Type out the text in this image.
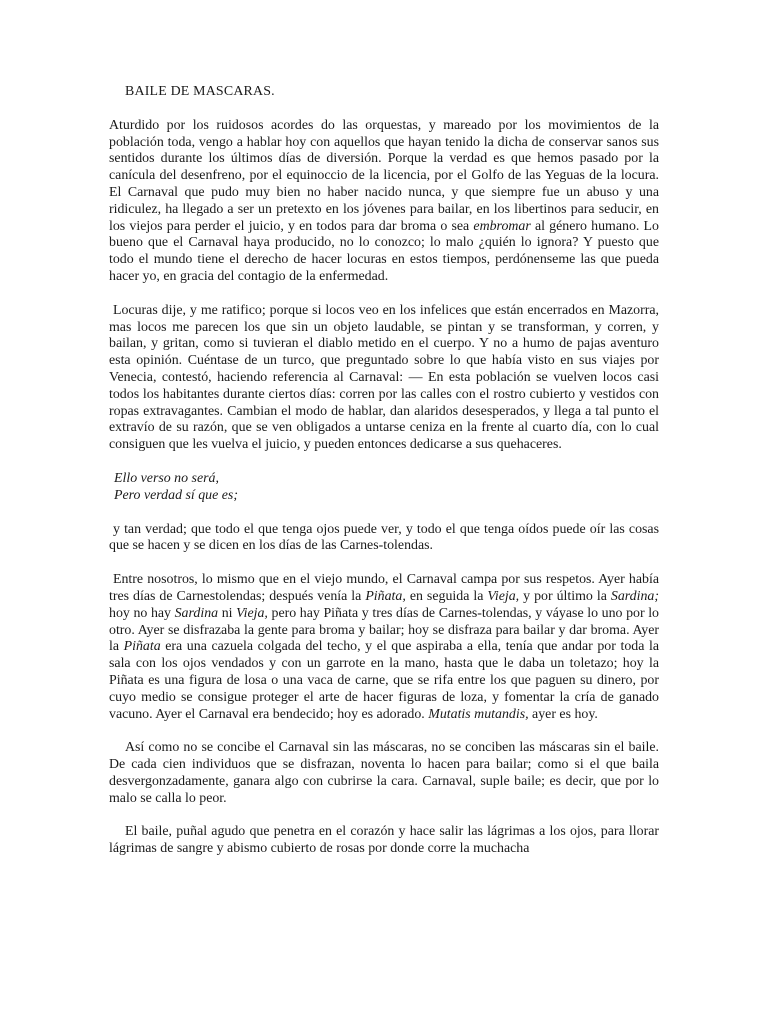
BAILE DE MASCARAS.

Aturdido por los ruidosos acordes do las orquestas, y mareado por los movimientos de la población toda, vengo a hablar hoy con aquellos que hayan tenido la dicha de conservar sanos sus sentidos durante los últimos días de diversión. Porque la verdad es que hemos pasado por la canícula del desenfreno, por el equinoccio de la licencia, por el Golfo de las Yeguas de la locura. El Carnaval que pudo muy bien no haber nacido nunca, y que siempre fue un abuso y una ridiculez, ha llegado a ser un pretexto en los jóvenes para bailar, en los libertinos para seducir, en los viejos para perder el juicio, y en todos para dar broma o sea embromar al género humano. Lo bueno que el Carnaval haya producido, no lo conozco; lo malo ¿quién lo ignora? Y puesto que todo el mundo tiene el derecho de hacer locuras en estos tiempos, perdónenseme las que pueda hacer yo, en gracia del contagio de la enfermedad.

Locuras dije, y me ratifico; porque si locos veo en los infelices que están encerrados en Mazorra, mas locos me parecen los que sin un objeto laudable, se pintan y se transforman, y corren, y bailan, y gritan, como si tuvieran el diablo metido en el cuerpo. Y no a humo de pajas aventuro esta opinión. Cuéntase de un turco, que preguntado sobre lo que había visto en sus viajes por Venecia, contestó, haciendo referencia al Carnaval: — En esta población se vuelven locos casi todos los habitantes durante ciertos días: corren por las calles con el rostro cubierto y vestidos con ropas extravagantes. Cambian el modo de hablar, dan alaridos desesperados, y llega a tal punto el extravío de su razón, que se ven obligados a untarse ceniza en la frente al cuarto día, con lo cual consiguen que les vuelva el juicio, y pueden entonces dedicarse a sus quehaceres.

Ello verso no será,
Pero verdad sí que es;

y tan verdad; que todo el que tenga ojos puede ver, y todo el que tenga oídos puede oír las cosas que se hacen y se dicen en los días de las Carnes-tolendas.

Entre nosotros, lo mismo que en el viejo mundo, el Carnaval campa por sus respetos. Ayer había tres días de Carnestolendas; después venía la Piñata, en seguida la Vieja, y por último la Sardina; hoy no hay Sardina ni Vieja, pero hay Piñata y tres días de Carnes-tolendas, y váyase lo uno por lo otro. Ayer se disfrazaba la gente para broma y bailar; hoy se disfraza para bailar y dar broma. Ayer la Piñata era una cazuela colgada del techo, y el que aspiraba a ella, tenía que andar por toda la sala con los ojos vendados y con un garrote en la mano, hasta que le daba un toletazo; hoy la Piñata es una figura de losa o una vaca de carne, que se rifa entre los que paguen su dinero, por cuyo medio se consigue proteger el arte de hacer figuras de loza, y fomentar la cría de ganado vacuno. Ayer el Carnaval era bendecido; hoy es adorado. Mutatis mutandis, ayer es hoy.

Así como no se concibe el Carnaval sin las máscaras, no se conciben las máscaras sin el baile. De cada cien individuos que se disfrazan, noventa lo hacen para bailar; como si el que baila desvergonzadamente, ganara algo con cubrirse la cara. Carnaval, suple baile; es decir, que por lo malo se calla lo peor.

El baile, puñal agudo que penetra en el corazón y hace salir las lágrimas a los ojos, para llorar lágrimas de sangre y abismo cubierto de rosas por donde corre la muchacha
